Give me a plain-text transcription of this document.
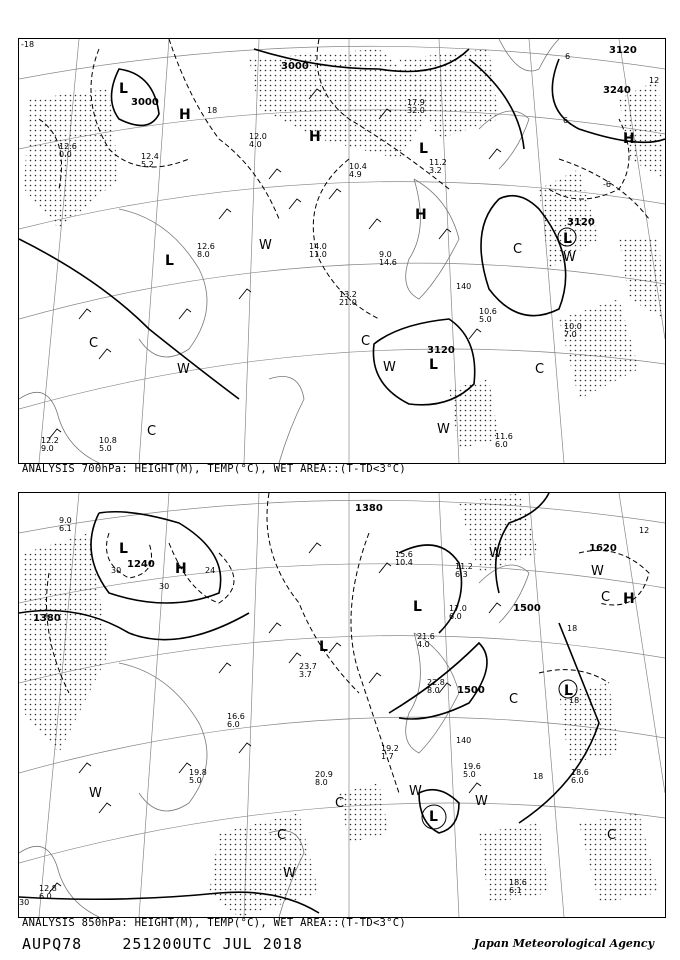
140
3000
3000
3120
3120
3120
3240
-18
18
6
-6
12
6
L
H
H
L
H
L
H
L
L
C
W
C
W	W
C
W
C
C
W
12.6
8.0
14.0
11.0
10.6
5.0
10.0
7.0
11.6
6.0
12.4
5.2
13.2
21.0
12.0
4.0
10.4
4.9
17.9
32.0
11.2
3.2
12.6
0.0
9.0
14.6
10.8
5.0
12.2
9.0
ANALYSIS 700hPa: HEIGHT(M), TEMP(°C), WET AREA::(T-TD<3°C)
140
1380
1380
1240
1500
1500
1620
30
30
24
18
18
12
18
30
L
H
L
L	H
L
L
C
W
C	W
W
C
W
C
C
W
W
22.8
8.0
19.2
1.7
19.6
5.0	18.6
6.0
18.6
6.1
20.9
8.0
21.6
4.0
17.0
6.0
19.8
5.0
15.6
10.4
23.7
3.7
12.8
6.0
9.0
6.1
11.2
6.3
16.6
6.0
ANALYSIS 850hPa: HEIGHT(M), TEMP(°C), WET AREA::(T-TD<3°C)
AUPQ78	251200UTC JUL 2018	Japan Meteorological Agency
